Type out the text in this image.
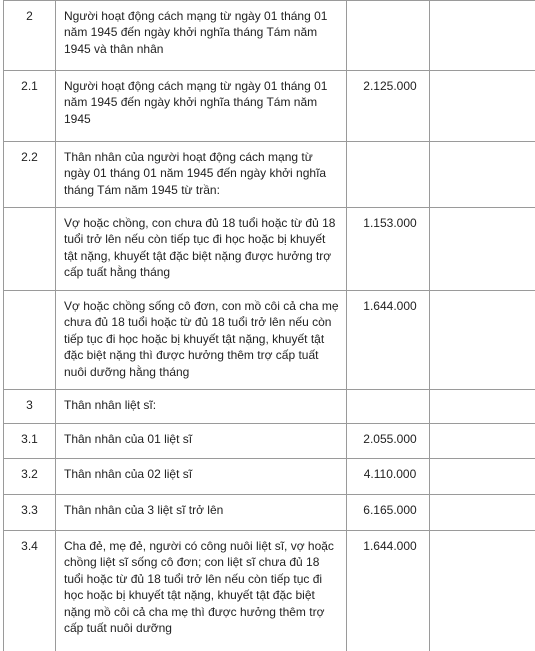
2	Người hoạt động cách mạng từ ngày 01 tháng 01 năm 1945 đến ngày khởi nghĩa tháng Tám năm 1945 và thân nhân		

2.1	Người hoạt động cách mạng từ ngày 01 tháng 01 năm 1945 đến ngày khởi nghĩa tháng Tám năm 1945	2.125.000	

2.2	Thân nhân của người hoạt động cách mạng từ ngày 01 tháng 01 năm 1945 đến ngày khởi nghĩa tháng Tám năm 1945 từ trần:		

	Vợ hoặc chồng, con chưa đủ 18 tuổi hoặc từ đủ 18 tuổi trở lên nếu còn tiếp tục đi học hoặc bị khuyết tật nặng, khuyết tật đặc biệt nặng được hưởng trợ cấp tuất hằng tháng	1.153.000	

	Vợ hoặc chồng sống cô đơn, con mồ côi cả cha mẹ chưa đủ 18 tuổi hoặc từ đủ 18 tuổi trở lên nếu còn tiếp tục đi học hoặc bị khuyết tật nặng, khuyết tật đặc biệt nặng thì được hưởng thêm trợ cấp tuất nuôi dưỡng hằng tháng	1.644.000	

3	Thân nhân liệt sĩ:		

3.1	Thân nhân của 01 liệt sĩ	2.055.000	

3.2	Thân nhân của 02 liệt sĩ	4.110.000	

3.3	Thân nhân của 3 liệt sĩ trở lên	6.165.000	

3.4	Cha đẻ, mẹ đẻ, người có công nuôi liệt sĩ, vợ hoặc chồng liệt sĩ sống cô đơn; con liệt sĩ chưa đủ 18 tuổi hoặc từ đủ 18 tuổi trở lên nếu còn tiếp tục đi học hoặc bị khuyết tật nặng, khuyết tật đặc biệt nặng mồ côi cả cha mẹ thì được hưởng thêm trợ cấp tuất nuôi dưỡng	1.644.000	
